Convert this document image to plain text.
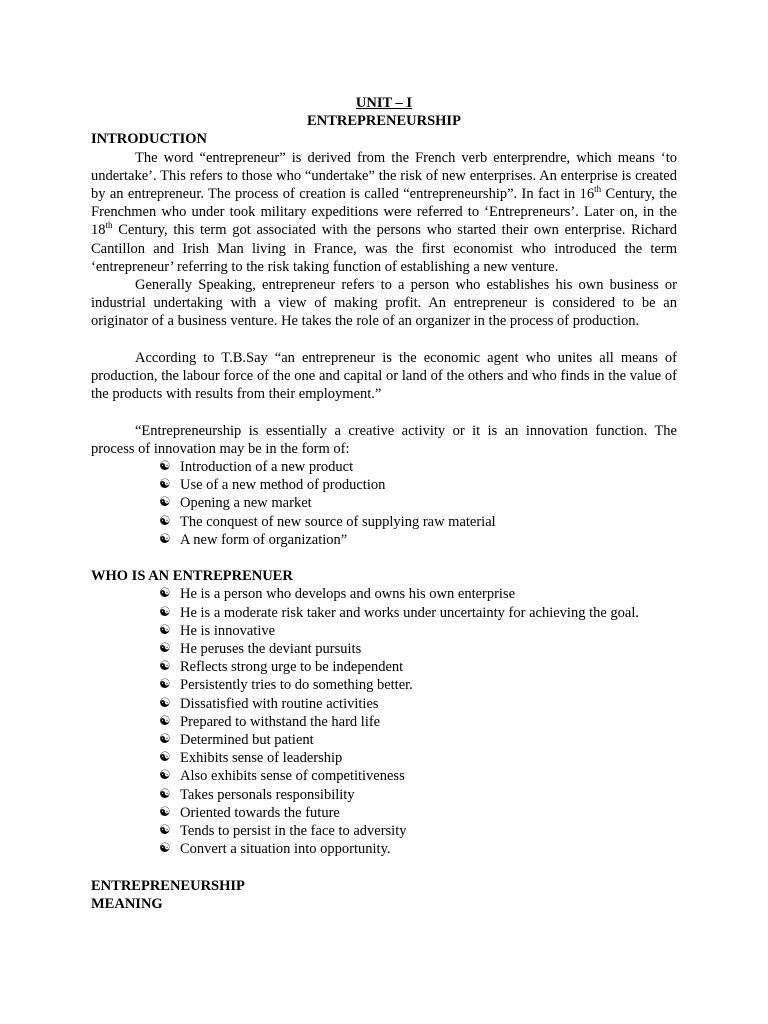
UNIT – I
ENTREPRENEURSHIP
INTRODUCTION

The word “entrepreneur” is derived from the French verb enterprendre, which means ‘to undertake’. This refers to those who “undertake” the risk of new enterprises. An enterprise is created by an entrepreneur. The process of creation is called “entrepreneurship”. In fact in 16th Century, the Frenchmen who under took military expeditions were referred to ‘Entrepreneurs’. Later on, in the 18th Century, this term got associated with the persons who started their own enterprise. Richard Cantillon and Irish Man living in France, was the first economist who introduced the term ‘entrepreneur’ referring to the risk taking function of establishing a new venture.

Generally Speaking, entrepreneur refers to a person who establishes his own business or industrial undertaking with a view of making profit. An entrepreneur is considered to be an originator of a business venture. He takes the role of an organizer in the process of production.

According to T.B.Say “an entrepreneur is the economic agent who unites all means of production, the labour force of the one and capital or land of the others and who finds in the value of the products with results from their employment.”

“Entrepreneurship is essentially a creative activity or it is an innovation function. The process of innovation may be in the form of:

☯ Introduction of a new product
☯ Use of a new method of production
☯ Opening a new market
☯ The conquest of new source of supplying raw material
☯ A new form of organization”
WHO IS AN ENTREPRENUER
☯ He is a person who develops and owns his own enterprise
☯ He is a moderate risk taker and works under uncertainty for achieving the goal.
☯ He is innovative
☯ He peruses the deviant pursuits
☯ Reflects strong urge to be independent
☯ Persistently tries to do something better.
☯ Dissatisfied with routine activities
☯ Prepared to withstand the hard life
☯ Determined but patient
☯ Exhibits sense of leadership
☯ Also exhibits sense of competitiveness
☯ Takes personals responsibility
☯ Oriented towards the future
☯ Tends to persist in the face to adversity
☯ Convert a situation into opportunity.
ENTREPRENEURSHIP
MEANING
